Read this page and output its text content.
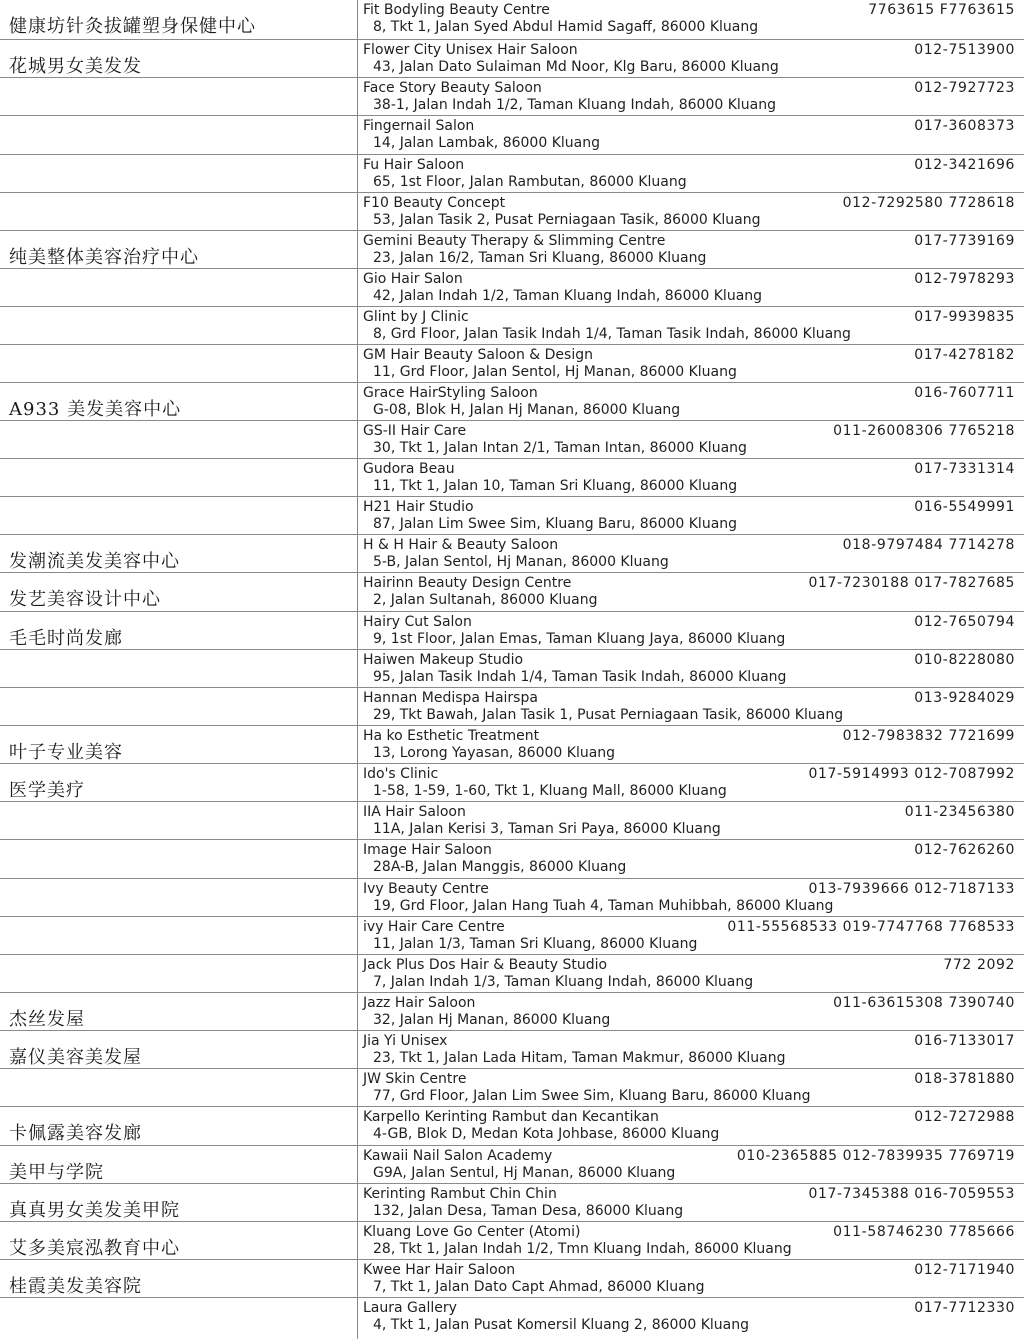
健康坊针灸拔罐塑身保健中心
Fit Bodyling Beauty Centre
8, Tkt 1, Jalan Syed Abdul Hamid Sagaff, 86000 Kluang
7763615 F7763615
花城男女美发发
Flower City Unisex Hair Saloon
43, Jalan Dato Sulaiman Md Noor, Klg Baru, 86000 Kluang
012-7513900
Face Story Beauty Saloon
38-1, Jalan Indah 1/2, Taman Kluang Indah, 86000 Kluang
012-7927723
Fingernail Salon
14, Jalan Lambak, 86000 Kluang
017-3608373
Fu Hair Saloon
65, 1st Floor, Jalan Rambutan, 86000 Kluang
012-3421696
F10 Beauty Concept
53, Jalan Tasik 2, Pusat Perniagaan Tasik, 86000 Kluang
012-7292580 7728618
纯美整体美容治疗中心
Gemini Beauty Therapy & Slimming Centre
23, Jalan 16/2, Taman Sri Kluang, 86000 Kluang
017-7739169
Gio Hair Salon
42, Jalan Indah 1/2, Taman Kluang Indah, 86000 Kluang
012-7978293
Glint by J Clinic
8, Grd Floor, Jalan Tasik Indah 1/4, Taman Tasik Indah, 86000 Kluang
017-9939835
GM Hair Beauty Saloon & Design
11, Grd Floor, Jalan Sentol, Hj Manan, 86000 Kluang
017-4278182
A933 美发美容中心
Grace HairStyling Saloon
G-08, Blok H, Jalan Hj Manan, 86000 Kluang
016-7607711
GS-II Hair Care
30, Tkt 1, Jalan Intan 2/1, Taman Intan, 86000 Kluang
011-26008306 7765218
Gudora Beau
11, Tkt 1, Jalan 10, Taman Sri Kluang, 86000 Kluang
017-7331314
H21 Hair Studio
87, Jalan Lim Swee Sim, Kluang Baru, 86000 Kluang
016-5549991
发潮流美发美容中心
H & H Hair & Beauty Saloon
5-B, Jalan Sentol, Hj Manan, 86000 Kluang
018-9797484 7714278
发艺美容设计中心
Hairinn Beauty Design Centre
2, Jalan Sultanah, 86000 Kluang
017-7230188 017-7827685
毛毛时尚发廊
Hairy Cut Salon
9, 1st Floor, Jalan Emas, Taman Kluang Jaya, 86000 Kluang
012-7650794
Haiwen Makeup Studio
95, Jalan Tasik Indah 1/4, Taman Tasik Indah, 86000 Kluang
010-8228080
Hannan Medispa Hairspa
29, Tkt Bawah, Jalan Tasik 1, Pusat Perniagaan Tasik, 86000 Kluang
013-9284029
叶子专业美容
Ha ko Esthetic Treatment
13, Lorong Yayasan, 86000 Kluang
012-7983832 7721699
医学美疗
Ido's Clinic
1-58, 1-59, 1-60, Tkt 1, Kluang Mall, 86000 Kluang
017-5914993 012-7087992
IIA Hair Saloon
11A, Jalan Kerisi 3, Taman Sri Paya, 86000 Kluang
011-23456380
Image Hair Saloon
28A-B, Jalan Manggis, 86000 Kluang
012-7626260
Ivy Beauty Centre
19, Grd Floor, Jalan Hang Tuah 4, Taman Muhibbah, 86000 Kluang
013-7939666 012-7187133
ivy Hair Care Centre
11, Jalan 1/3, Taman Sri Kluang, 86000 Kluang
011-55568533 019-7747768 7768533
Jack Plus Dos Hair & Beauty Studio
7, Jalan Indah 1/3, Taman Kluang Indah, 86000 Kluang
772 2092
杰丝发屋
Jazz Hair Saloon
32, Jalan Hj Manan, 86000 Kluang
011-63615308 7390740
嘉仪美容美发屋
Jia Yi Unisex
23, Tkt 1, Jalan Lada Hitam, Taman Makmur, 86000 Kluang
016-7133017
JW Skin Centre
77, Grd Floor, Jalan Lim Swee Sim, Kluang Baru, 86000 Kluang
018-3781880
卡佩露美容发廊
Karpello Kerinting Rambut dan Kecantikan
4-GB, Blok D, Medan Kota Johbase, 86000 Kluang
012-7272988
美甲与学院
Kawaii Nail Salon Academy
G9A, Jalan Sentul, Hj Manan, 86000 Kluang
010-2365885 012-7839935 7769719
真真男女美发美甲院
Kerinting Rambut Chin Chin
132, Jalan Desa, Taman Desa, 86000 Kluang
017-7345388 016-7059553
艾多美宸泓教育中心
Kluang Love Go Center (Atomi)
28, Tkt 1, Jalan Indah 1/2, Tmn Kluang Indah, 86000 Kluang
011-58746230 7785666
桂霞美发美容院
Kwee Har Hair Saloon
7, Tkt 1, Jalan Dato Capt Ahmad, 86000 Kluang
012-7171940
Laura Gallery
4, Tkt 1, Jalan Pusat Komersil Kluang 2, 86000 Kluang
017-7712330
